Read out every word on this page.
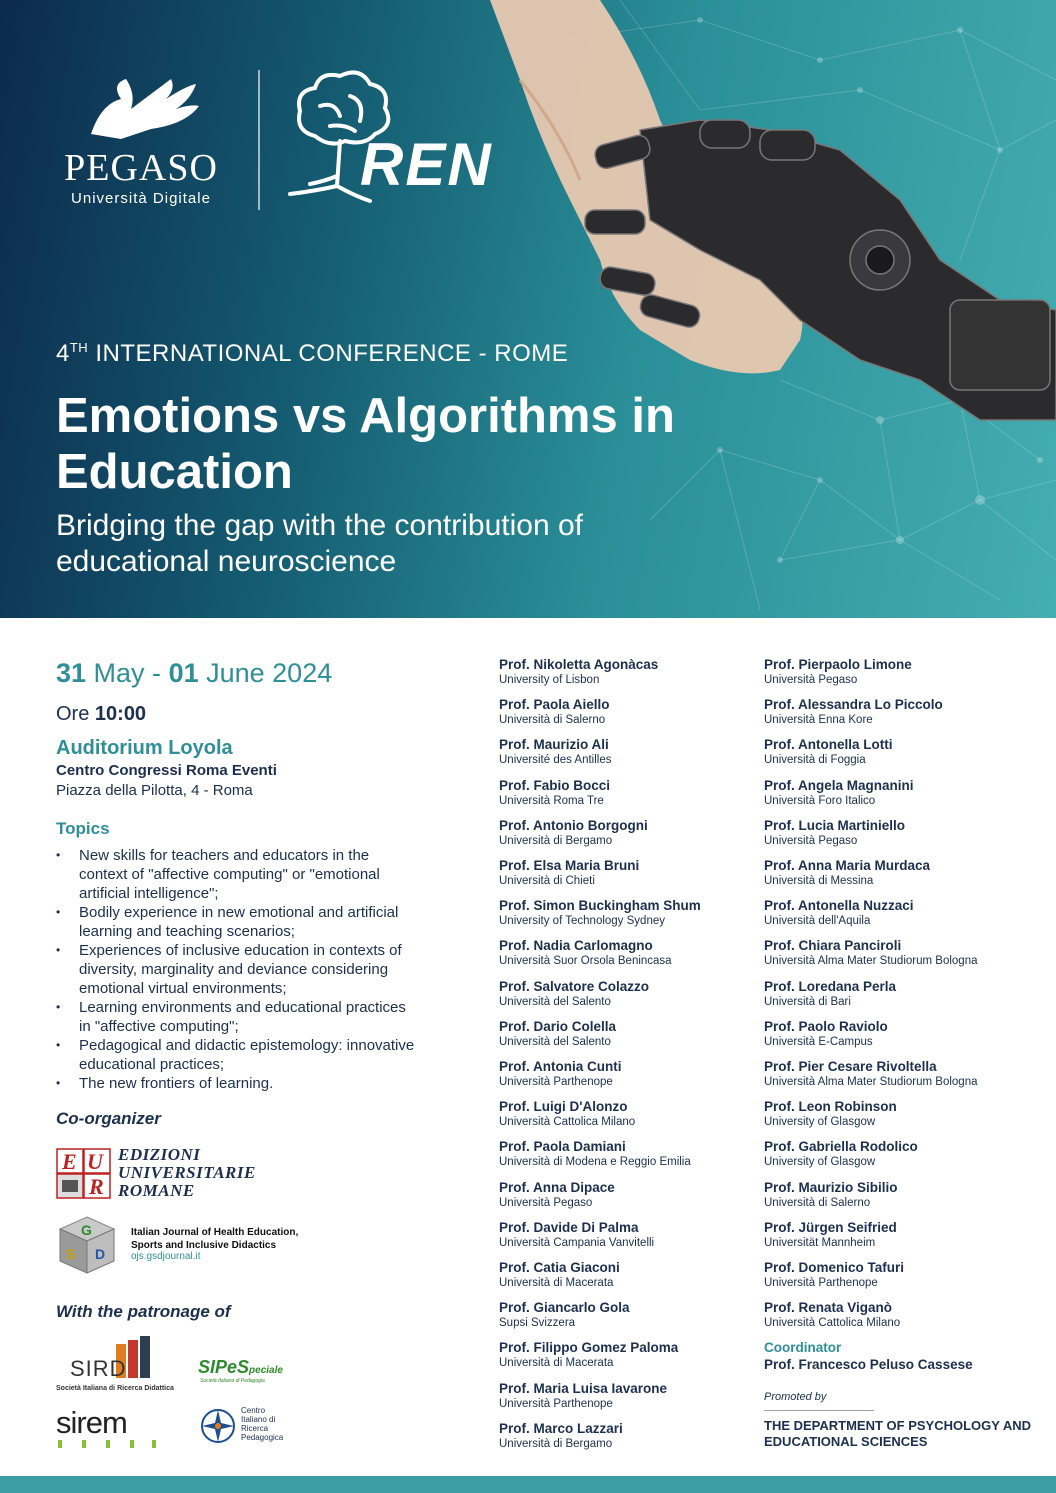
PEGASO
Università Digitale
REN
4TH INTERNATIONAL CONFERENCE - ROME
Emotions vs Algorithms in Education
Bridging the gap with the contribution of educational neuroscience
31 May - 01 June 2024
Ore 10:00
Auditorium Loyola
Centro Congressi Roma Eventi
Piazza della Pilotta, 4 - Roma
Topics
• New skills for teachers and educators in the context of "affective computing" or "emotional artificial intelligence";
• Bodily experience in new emotional and artificial learning and teaching scenarios;
• Experiences of inclusive education in contexts of diversity, marginality and deviance considering emotional virtual environments;
• Learning environments and educational practices in "affective computing";
• Pedagogical and didactic epistemology: innovative educational practices;
• The new frontiers of learning.
Co-organizer
E U
R
EDIZIONI
UNIVERSITARIE
ROMANE
G
S D
Italian Journal of Health Education,
Sports and Inclusive Didactics
ojs.gsdjournal.it
With the patronage of
SIRD
Società Italiana di Ricerca Didattica
SIPeSpeciale
Società Italiana di Pedagogia
sirem	Centro
Italiano di
Ricerca
Pedagogica
Prof. Nikoletta Agonàcas
University of Lisbon
Prof. Paola Aiello
Università di Salerno
Prof. Maurizio Ali
Université des Antilles
Prof. Fabio Bocci
Università Roma Tre
Prof. Antonio Borgogni
Università di Bergamo
Prof. Elsa Maria Bruni
Università di Chieti
Prof. Simon Buckingham Shum
University of Technology Sydney
Prof. Nadia Carlomagno
Università Suor Orsola Benincasa
Prof. Salvatore Colazzo
Università del Salento
Prof. Dario Colella
Università del Salento
Prof. Antonia Cunti
Università Parthenope
Prof. Luigi D'Alonzo
Università Cattolica Milano
Prof. Paola Damiani
Università di Modena e Reggio Emilia
Prof. Anna Dipace
Università Pegaso
Prof. Davide Di Palma
Università Campania Vanvitelli
Prof. Catia Giaconi
Università di Macerata
Prof. Giancarlo Gola
Supsi Svizzera
Prof. Filippo Gomez Paloma
Università di Macerata
Prof. Maria Luisa Iavarone
Università Parthenope
Prof. Marco Lazzari
Università di Bergamo
Prof. Pierpaolo Limone
Università Pegaso
Prof. Alessandra Lo Piccolo
Università Enna Kore
Prof. Antonella Lotti
Università di Foggia
Prof. Angela Magnanini
Università Foro Italico
Prof. Lucia Martiniello
Università Pegaso
Prof. Anna Maria Murdaca
Università di Messina
Prof. Antonella Nuzzaci
Università dell'Aquila
Prof. Chiara Panciroli
Università Alma Mater Studiorum Bologna
Prof. Loredana Perla
Università di Bari
Prof. Paolo Raviolo
Università E-Campus
Prof. Pier Cesare Rivoltella
Università Alma Mater Studiorum Bologna
Prof. Leon Robinson
University of Glasgow
Prof. Gabriella Rodolico
University of Glasgow
Prof. Maurizio Sibilio
Università di Salerno
Prof. Jürgen Seifried
Universität Mannheim
Prof. Domenico Tafuri
Università Parthenope
Prof. Renata Viganò
Università Cattolica Milano
Coordinator
Prof. Francesco Peluso Cassese
Promoted by
THE DEPARTMENT OF PSYCHOLOGY AND EDUCATIONAL SCIENCES
